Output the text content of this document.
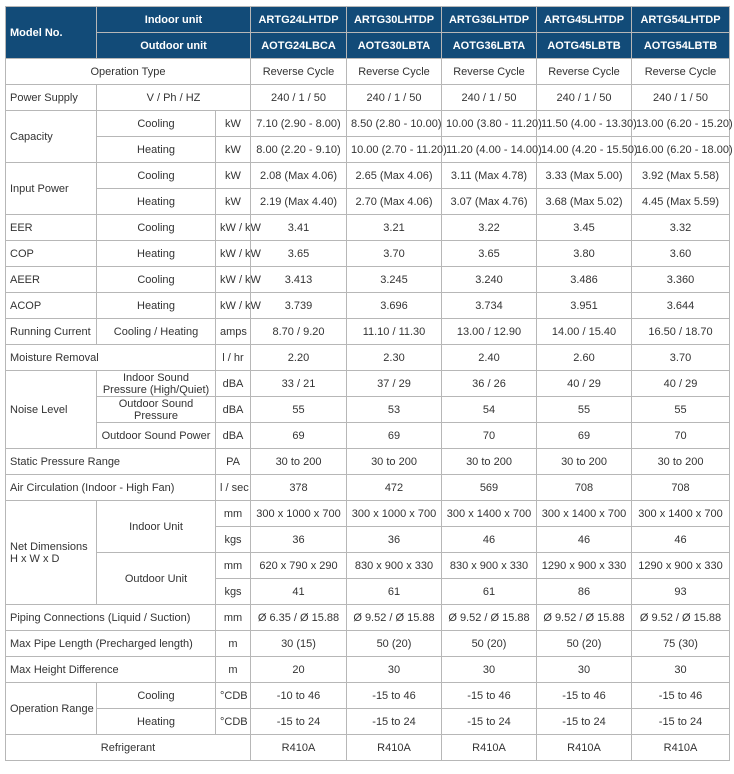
Model No.	Indoor unit		ARTG24LHTDP	ARTG30LHTDP	ARTG36LHTDP	ARTG45LHTDP	ARTG54LHTDP
	Outdoor unit		AOTG24LBCA	AOTG30LBTA	AOTG36LBTA	AOTG45LBTB	AOTG54LBTB
Operation Type			Reverse Cycle	Reverse Cycle	Reverse Cycle	Reverse Cycle	Reverse Cycle
Power Supply	V / Ph / HZ		240 / 1 / 50	240 / 1 / 50	240 / 1 / 50	240 / 1 / 50	240 / 1 / 50
Capacity	Cooling	kW	7.10 (2.90 - 8.00)	8.50 (2.80 - 10.00)	10.00 (3.80 - 11.20)	11.50 (4.00 - 13.30)	13.00 (6.20 - 15.20)
	Heating	kW	8.00 (2.20 - 9.10)	10.00 (2.70 - 11.20)	11.20 (4.00 - 14.00)	14.00 (4.20 - 15.50)	16.00 (6.20 - 18.00)
Input Power	Cooling	kW	2.08 (Max 4.06)	2.65 (Max 4.06)	3.11 (Max 4.78)	3.33 (Max 5.00)	3.92 (Max 5.58)
	Heating	kW	2.19 (Max 4.40)	2.70 (Max 4.06)	3.07 (Max 4.76)	3.68 (Max 5.02)	4.45 (Max 5.59)
EER	Cooling	kW / kW	3.41	3.21	3.22	3.45	3.32
COP	Heating	kW / kW	3.65	3.70	3.65	3.80	3.60
AEER	Cooling	kW / kW	3.413	3.245	3.240	3.486	3.360
ACOP	Heating	kW / kW	3.739	3.696	3.734	3.951	3.644
Running Current	Cooling / Heating	amps	8.70 / 9.20	11.10 / 11.30	13.00 / 12.90	14.00 / 15.40	16.50 / 18.70
Moisture Removal		l / hr	2.20	2.30	2.40	2.60	3.70
Noise Level	Indoor Sound Pressure (High/Quiet)	dBA	33 / 21	37 / 29	36 / 26	40 / 29	40 / 29
	Outdoor Sound Pressure	dBA	55	53	54	55	55
	Outdoor Sound Power	dBA	69	69	70	69	70
Static Pressure Range		PA	30 to 200	30 to 200	30 to 200	30 to 200	30 to 200
Air Circulation (Indoor - High Fan)		l / sec	378	472	569	708	708
Net Dimensions H x W x D	Indoor Unit	mm	300 x 1000 x 700	300 x 1000 x 700	300 x 1400 x 700	300 x 1400 x 700	300 x 1400 x 700
		kgs	36	36	46	46	46
	Outdoor Unit	mm	620 x 790 x 290	830 x 900 x 330	830 x 900 x 330	1290 x 900 x 330	1290 x 900 x 330
		kgs	41	61	61	86	93
Piping Connections (Liquid / Suction)		mm	Ø 6.35 / Ø 15.88	Ø 9.52 / Ø 15.88	Ø 9.52 / Ø 15.88	Ø 9.52 / Ø 15.88	Ø 9.52 / Ø 15.88
Max Pipe Length (Precharged length)		m	30 (15)	50 (20)	50 (20)	50 (20)	75 (30)
Max Height Difference		m	20	30	30	30	30
Operation Range	Cooling	°CDB	-10 to 46	-15 to 46	-15 to 46	-15 to 46	-15 to 46
	Heating	°CDB	-15 to 24	-15 to 24	-15 to 24	-15 to 24	-15 to 24
Refrigerant			R410A	R410A	R410A	R410A	R410A
